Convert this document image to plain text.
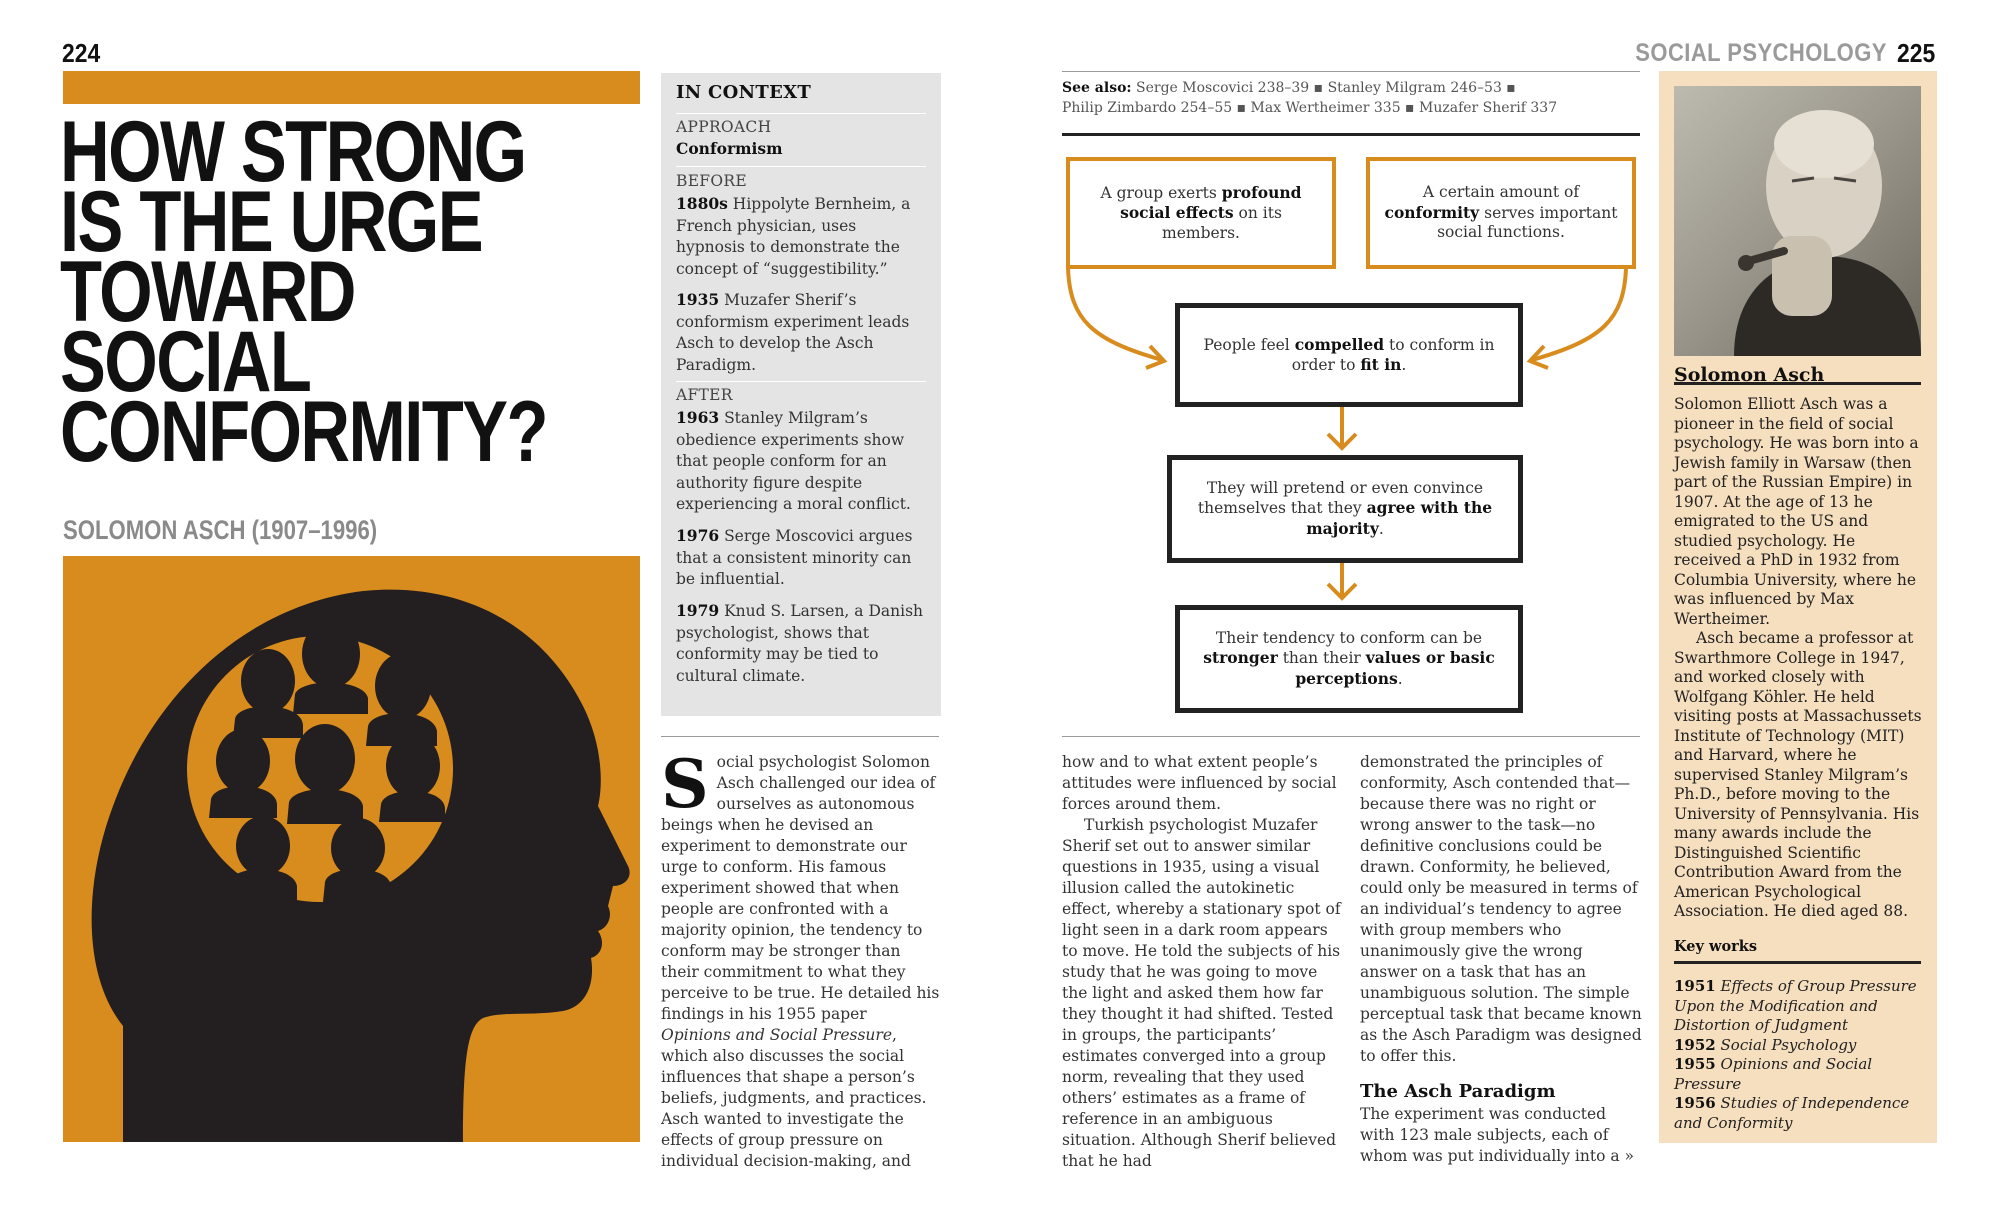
224
HOW STRONG
IS THE URGE
TOWARD
SOCIAL
CONFORMITY?
SOLOMON ASCH (1907–1996)
IN CONTEXT
APPROACH
Conformism
BEFORE
1880s Hippolyte Bernheim, a French physician, uses hypnosis to demonstrate the concept of “suggestibility.”
1935 Muzafer Sherif’s conformism experiment leads Asch to develop the Asch Paradigm.
AFTER
1963 Stanley Milgram’s obedience experiments show that people conform for an authority figure despite experiencing a moral conflict.
1976 Serge Moscovici argues that a consistent minority can be influential.
1979 Knud S. Larsen, a Danish psychologist, shows that conformity may be tied to cultural climate.
Social psychologist Solomon Asch challenged our idea of ourselves as autonomous beings when he devised an experiment to demonstrate our urge to conform. His famous experiment showed that when people are confronted with a majority opinion, the tendency to conform may be stronger than their commitment to what they perceive to be true. He detailed his findings in his 1955 paper Opinions and Social Pressure, which also discusses the social influences that shape a person’s beliefs, judgments, and practices. Asch wanted to investigate the effects of group pressure on individual decision-making, and
SOCIAL PSYCHOLOGY 225
See also: Serge Moscovici 238–39 ▪ Stanley Milgram 246–53 ▪
Philip Zimbardo 254–55 ▪ Max Wertheimer 335 ▪ Muzafer Sherif 337
A group exerts profound social effects on its members.
A certain amount of conformity serves important social functions.
People feel compelled to conform in order to fit in.
They will pretend or even convince themselves that they agree with the majority.
Their tendency to conform can be stronger than their values or basic perceptions.

how and to what extent people’s attitudes were influenced by social forces around them.

Turkish psychologist Muzafer Sherif set out to answer similar questions in 1935, using a visual illusion called the autokinetic effect, whereby a stationary spot of light seen in a dark room appears to move. He told the subjects of his study that he was going to move the light and asked them how far they thought it had shifted. Tested in groups, the participants’ estimates converged into a group norm, revealing that they used others’ estimates as a frame of reference in an ambiguous situation. Although Sherif believed that he had

demonstrated the principles of conformity, Asch contended that—because there was no right or wrong answer to the task—no definitive conclusions could be drawn. Conformity, he believed, could only be measured in terms of an individual’s tendency to agree with group members who unanimously give the wrong answer on a task that has an unambiguous solution. The simple perceptual task that became known as the Asch Paradigm was designed to offer this.

The Asch Paradigm

The experiment was conducted with 123 male subjects, each of whom was put individually into a »

Solomon Asch

Solomon Elliott Asch was a pioneer in the field of social psychology. He was born into a Jewish family in Warsaw (then part of the Russian Empire) in 1907. At the age of 13 he emigrated to the US and studied psychology. He received a PhD in 1932 from Columbia University, where he was influenced by Max Wertheimer.

Asch became a professor at Swarthmore College in 1947, and worked closely with Wolfgang Köhler. He held visiting posts at Massachussets Institute of Technology (MIT) and Harvard, where he supervised Stanley Milgram’s Ph.D., before moving to the University of Pennsylvania. His many awards include the Distinguished Scientific Contribution Award from the American Psychological Association. He died aged 88.

Key works
1951 Effects of Group Pressure Upon the Modification and Distortion of Judgment
1952 Social Psychology
1955 Opinions and Social Pressure
1956 Studies of Independence and Conformity
